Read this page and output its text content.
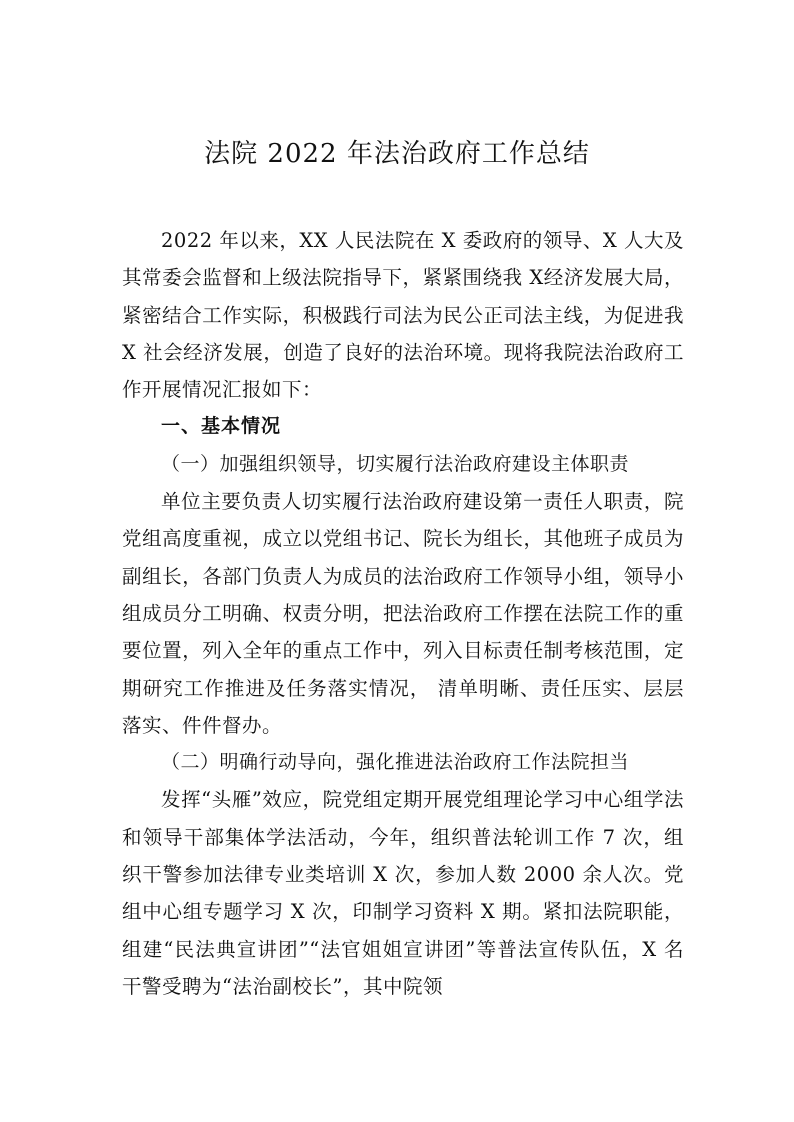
法院 2022 年法治政府工作总结

2022 年以来，XX 人民法院在 X 委政府的领导、X 人大及其常委会监督和上级法院指导下，紧紧围绕我 X经济发展大局，紧密结合工作实际，积极践行司法为民公正司法主线，为促进我X 社会经济发展，创造了良好的法治环境。现将我院法治政府工作开展情况汇报如下：

一、基本情况

（一）加强组织领导，切实履行法治政府建设主体职责

单位主要负责人切实履行法治政府建设第一责任人职责，院党组高度重视，成立以党组书记、院长为组长，其他班子成员为副组长，各部门负责人为成员的法治政府工作领导小组，领导小组成员分工明确、权责分明，把法治政府工作摆在法院工作的重要位置，列入全年的重点工作中，列入目标责任制考核范围，定期研究工作推进及任务落实情况， 清单明晰、责任压实、层层落实、件件督办。

（二）明确行动导向，强化推进法治政府工作法院担当

发挥“头雁”效应，院党组定期开展党组理论学习中心组学法和领导干部集体学法活动，今年，组织普法轮训工作 7 次，组织干警参加法律专业类培训 X 次，参加人数 2000 余人次。党组中心组专题学习 X 次，印制学习资料 X 期。紧扣法院职能，组建“民法典宣讲团”“法官姐姐宣讲团”等普法宣传队伍，X 名干警受聘为“法治副校长”，其中院领
